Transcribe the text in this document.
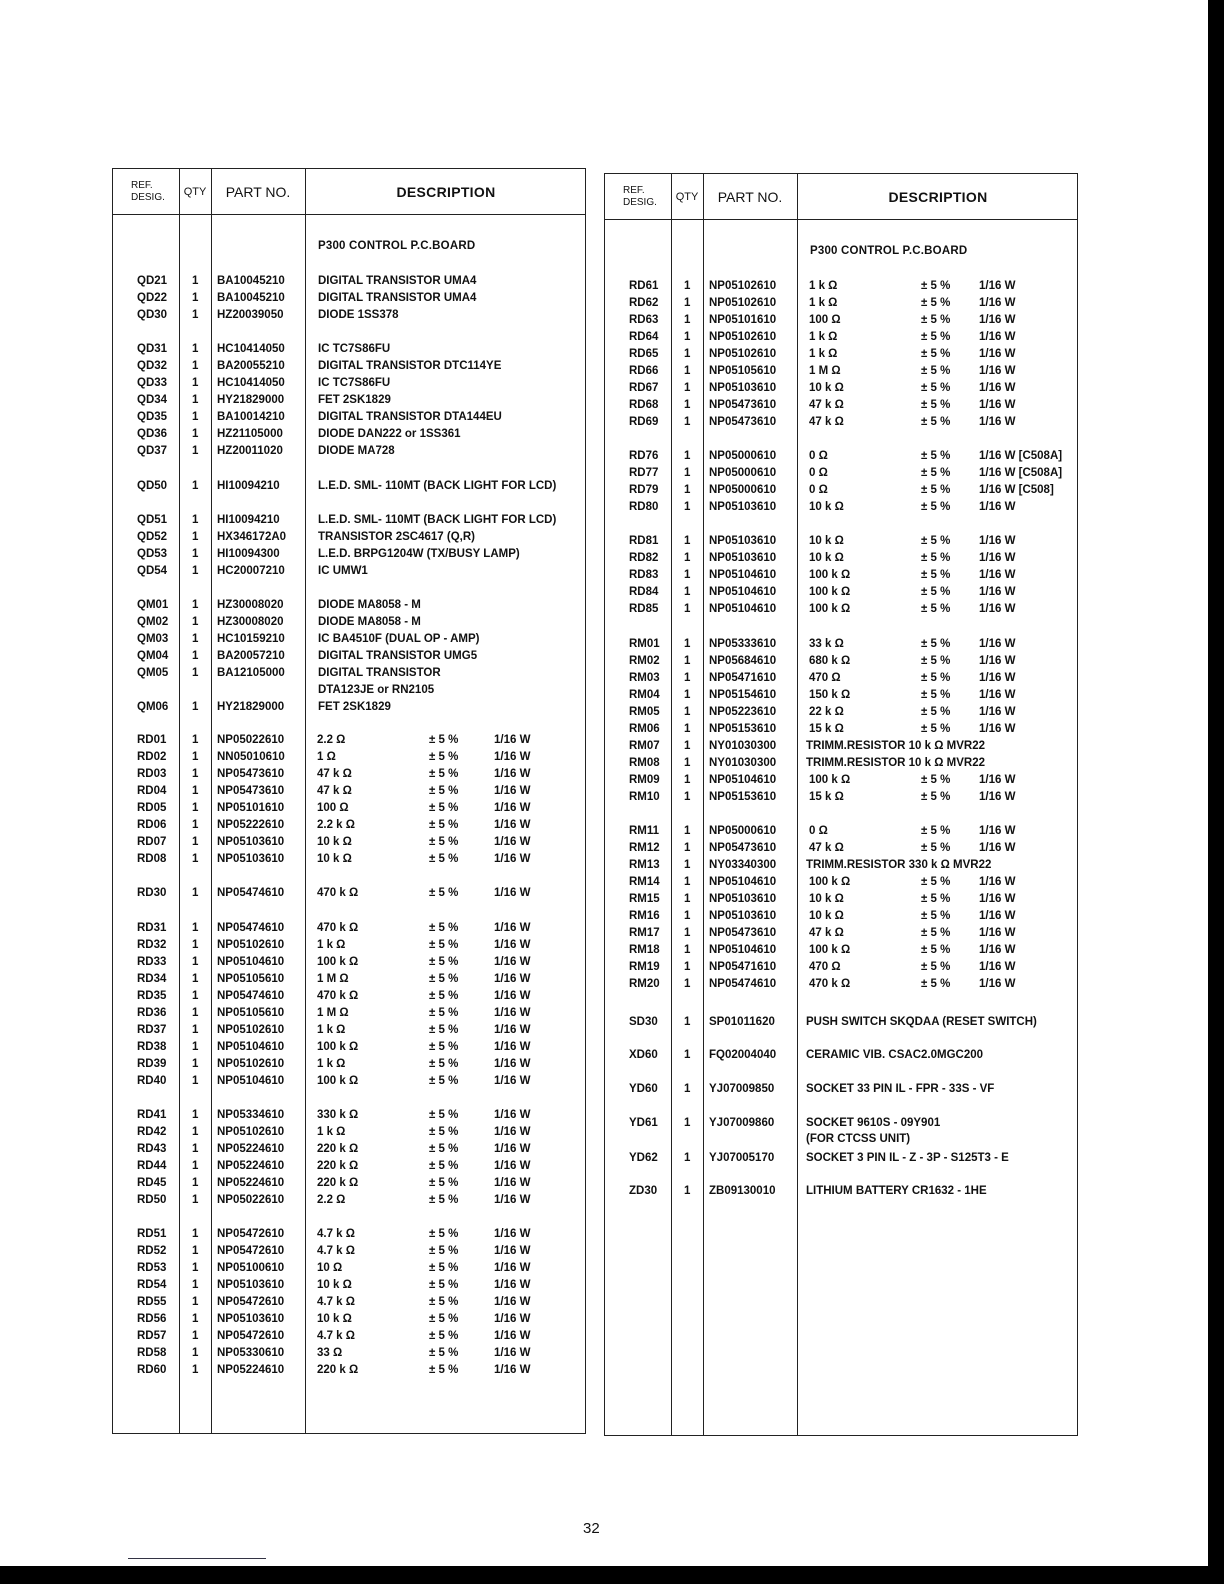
REF.
DESIG.	QTY	PART NO.	DESCRIPTION
P300 CONTROL P.C.BOARD
QD21 1 BA10045210	DIGITAL TRANSISTOR UMA4
QD22 1 BA10045210	DIGITAL TRANSISTOR UMA4
QD30 1 HZ20039050	DIODE 1SS378
QD31 1 HC10414050	IC TC7S86FU
QD32 1 BA20055210	DIGITAL TRANSISTOR DTC114YE
QD33 1 HC10414050	IC TC7S86FU
QD34 1 HY21829000	FET 2SK1829
QD35 1 BA10014210	DIGITAL TRANSISTOR DTA144EU
QD36 1 HZ21105000	DIODE DAN222 or 1SS361
QD37 1 HZ20011020	DIODE MA728
QD50 1 HI10094210	L.E.D. SML- 110MT (BACK LIGHT FOR LCD)
QD51 1 HI10094210	L.E.D. SML- 110MT (BACK LIGHT FOR LCD)
QD52 1 HX346172A0	TRANSISTOR 2SC4617 (Q,R)
QD53 1 HI10094300	L.E.D. BRPG1204W (TX/BUSY LAMP)
QD54 1 HC20007210	IC UMW1
QM01 1 HZ30008020	DIODE MA8058 - M
QM02 1 HZ30008020	DIODE MA8058 - M
QM03 1 HC10159210	IC BA4510F (DUAL OP - AMP)
QM04 1 BA20057210	DIGITAL TRANSISTOR UMG5
QM05 1 BA12105000	DIGITAL TRANSISTOR
DTA123JE or RN2105
QM06 1 HY21829000	FET 2SK1829
RD01 1 NP05022610	2.2 Ω	± 5 %	1/16 W
RD02 1 NN05010610	1 Ω	± 5 %	1/16 W
RD03 1 NP05473610	47 k Ω	± 5 %	1/16 W
RD04 1 NP05473610	47 k Ω	± 5 %	1/16 W
RD05 1 NP05101610	100 Ω	± 5 %	1/16 W
RD06 1 NP05222610	2.2 k Ω	± 5 %	1/16 W
RD07 1 NP05103610	10 k Ω	± 5 %	1/16 W
RD08 1 NP05103610	10 k Ω	± 5 %	1/16 W
RD30 1 NP05474610	470 k Ω	± 5 %	1/16 W
RD31 1 NP05474610	470 k Ω	± 5 %	1/16 W
RD32 1 NP05102610	1 k Ω	± 5 %	1/16 W
RD33 1 NP05104610	100 k Ω	± 5 %	1/16 W
RD34 1 NP05105610	1 M Ω	± 5 %	1/16 W
RD35 1 NP05474610	470 k Ω	± 5 %	1/16 W
RD36 1 NP05105610	1 M Ω	± 5 %	1/16 W
RD37 1 NP05102610	1 k Ω	± 5 %	1/16 W
RD38 1 NP05104610	100 k Ω	± 5 %	1/16 W
RD39 1 NP05102610	1 k Ω	± 5 %	1/16 W
RD40 1 NP05104610	100 k Ω	± 5 %	1/16 W
RD41 1 NP05334610	330 k Ω	± 5 %	1/16 W
RD42 1 NP05102610	1 k Ω	± 5 %	1/16 W
RD43 1 NP05224610	220 k Ω	± 5 %	1/16 W
RD44 1 NP05224610	220 k Ω	± 5 %	1/16 W
RD45 1 NP05224610	220 k Ω	± 5 %	1/16 W
RD50 1 NP05022610	2.2 Ω	± 5 %	1/16 W
RD51 1 NP05472610	4.7 k Ω	± 5 %	1/16 W
RD52 1 NP05472610	4.7 k Ω	± 5 %	1/16 W
RD53 1 NP05100610	10 Ω	± 5 %	1/16 W
RD54 1 NP05103610	10 k Ω	± 5 %	1/16 W
RD55 1 NP05472610	4.7 k Ω	± 5 %	1/16 W
RD56 1 NP05103610	10 k Ω	± 5 %	1/16 W
RD57 1 NP05472610	4.7 k Ω	± 5 %	1/16 W
RD58 1 NP05330610	33 Ω	± 5 %	1/16 W
RD60 1 NP05224610	220 k Ω	± 5 %	1/16 W
REF.
DESIG.	QTY	PART NO.	DESCRIPTION
P300 CONTROL P.C.BOARD
RD61 1 NP05102610	1 k Ω	± 5 % 1/16 W
RD62 1 NP05102610	1 k Ω	± 5 % 1/16 W
RD63 1 NP05101610	100 Ω	± 5 % 1/16 W
RD64 1 NP05102610	1 k Ω	± 5 % 1/16 W
RD65 1 NP05102610	1 k Ω	± 5 % 1/16 W
RD66 1 NP05105610	1 M Ω	± 5 % 1/16 W
RD67 1 NP05103610	10 k Ω	± 5 % 1/16 W
RD68 1 NP05473610	47 k Ω	± 5 % 1/16 W
RD69 1 NP05473610	47 k Ω	± 5 % 1/16 W
RD76 1 NP05000610	0 Ω	± 5 % 1/16 W [C508A]
RD77 1 NP05000610	0 Ω	± 5 % 1/16 W [C508A]
RD79 1 NP05000610	0 Ω	± 5 % 1/16 W [C508]
RD80 1 NP05103610	10 k Ω	± 5 % 1/16 W
RD81 1 NP05103610	10 k Ω	± 5 % 1/16 W
RD82 1 NP05103610	10 k Ω	± 5 % 1/16 W
RD83 1 NP05104610	100 k Ω	± 5 % 1/16 W
RD84 1 NP05104610	100 k Ω	± 5 % 1/16 W
RD85 1 NP05104610	100 k Ω	± 5 % 1/16 W
RM01 1 NP05333610	33 k Ω	± 5 % 1/16 W
RM02 1 NP05684610	680 k Ω	± 5 % 1/16 W
RM03 1 NP05471610	470 Ω	± 5 % 1/16 W
RM04 1 NP05154610	150 k Ω	± 5 % 1/16 W
RM05 1 NP05223610	22 k Ω	± 5 % 1/16 W
RM06 1 NP05153610	15 k Ω	± 5 % 1/16 W
RM07 1 NY01030300	TRIMM.RESISTOR 10 k Ω MVR22
RM08 1 NY01030300	TRIMM.RESISTOR 10 k Ω MVR22
RM09 1 NP05104610	100 k Ω	± 5 % 1/16 W
RM10 1 NP05153610	15 k Ω	± 5 % 1/16 W
RM11 1 NP05000610	0 Ω	± 5 % 1/16 W
RM12 1 NP05473610	47 k Ω	± 5 % 1/16 W
RM13 1 NY03340300	TRIMM.RESISTOR 330 k Ω MVR22
RM14 1 NP05104610	100 k Ω	± 5 % 1/16 W
RM15 1 NP05103610	10 k Ω	± 5 % 1/16 W
RM16 1 NP05103610	10 k Ω	± 5 % 1/16 W
RM17 1 NP05473610	47 k Ω	± 5 % 1/16 W
RM18 1 NP05104610	100 k Ω	± 5 % 1/16 W
RM19 1 NP05471610	470 Ω	± 5 % 1/16 W
RM20 1 NP05474610	470 k Ω	± 5 % 1/16 W
SD30 1 SP01011620	PUSH SWITCH SKQDAA (RESET SWITCH)
XD60 1 FQ02004040	CERAMIC VIB. CSAC2.0MGC200
YD60 1 YJ07009850	SOCKET 33 PIN IL - FPR - 33S - VF
YD61 1 YJ07009860	SOCKET 9610S - 09Y901
(FOR CTCSS UNIT)
YD62 1 YJ07005170	SOCKET 3 PIN IL - Z - 3P - S125T3 - E
ZD30 1 ZB09130010	LITHIUM BATTERY CR1632 - 1HE
32
